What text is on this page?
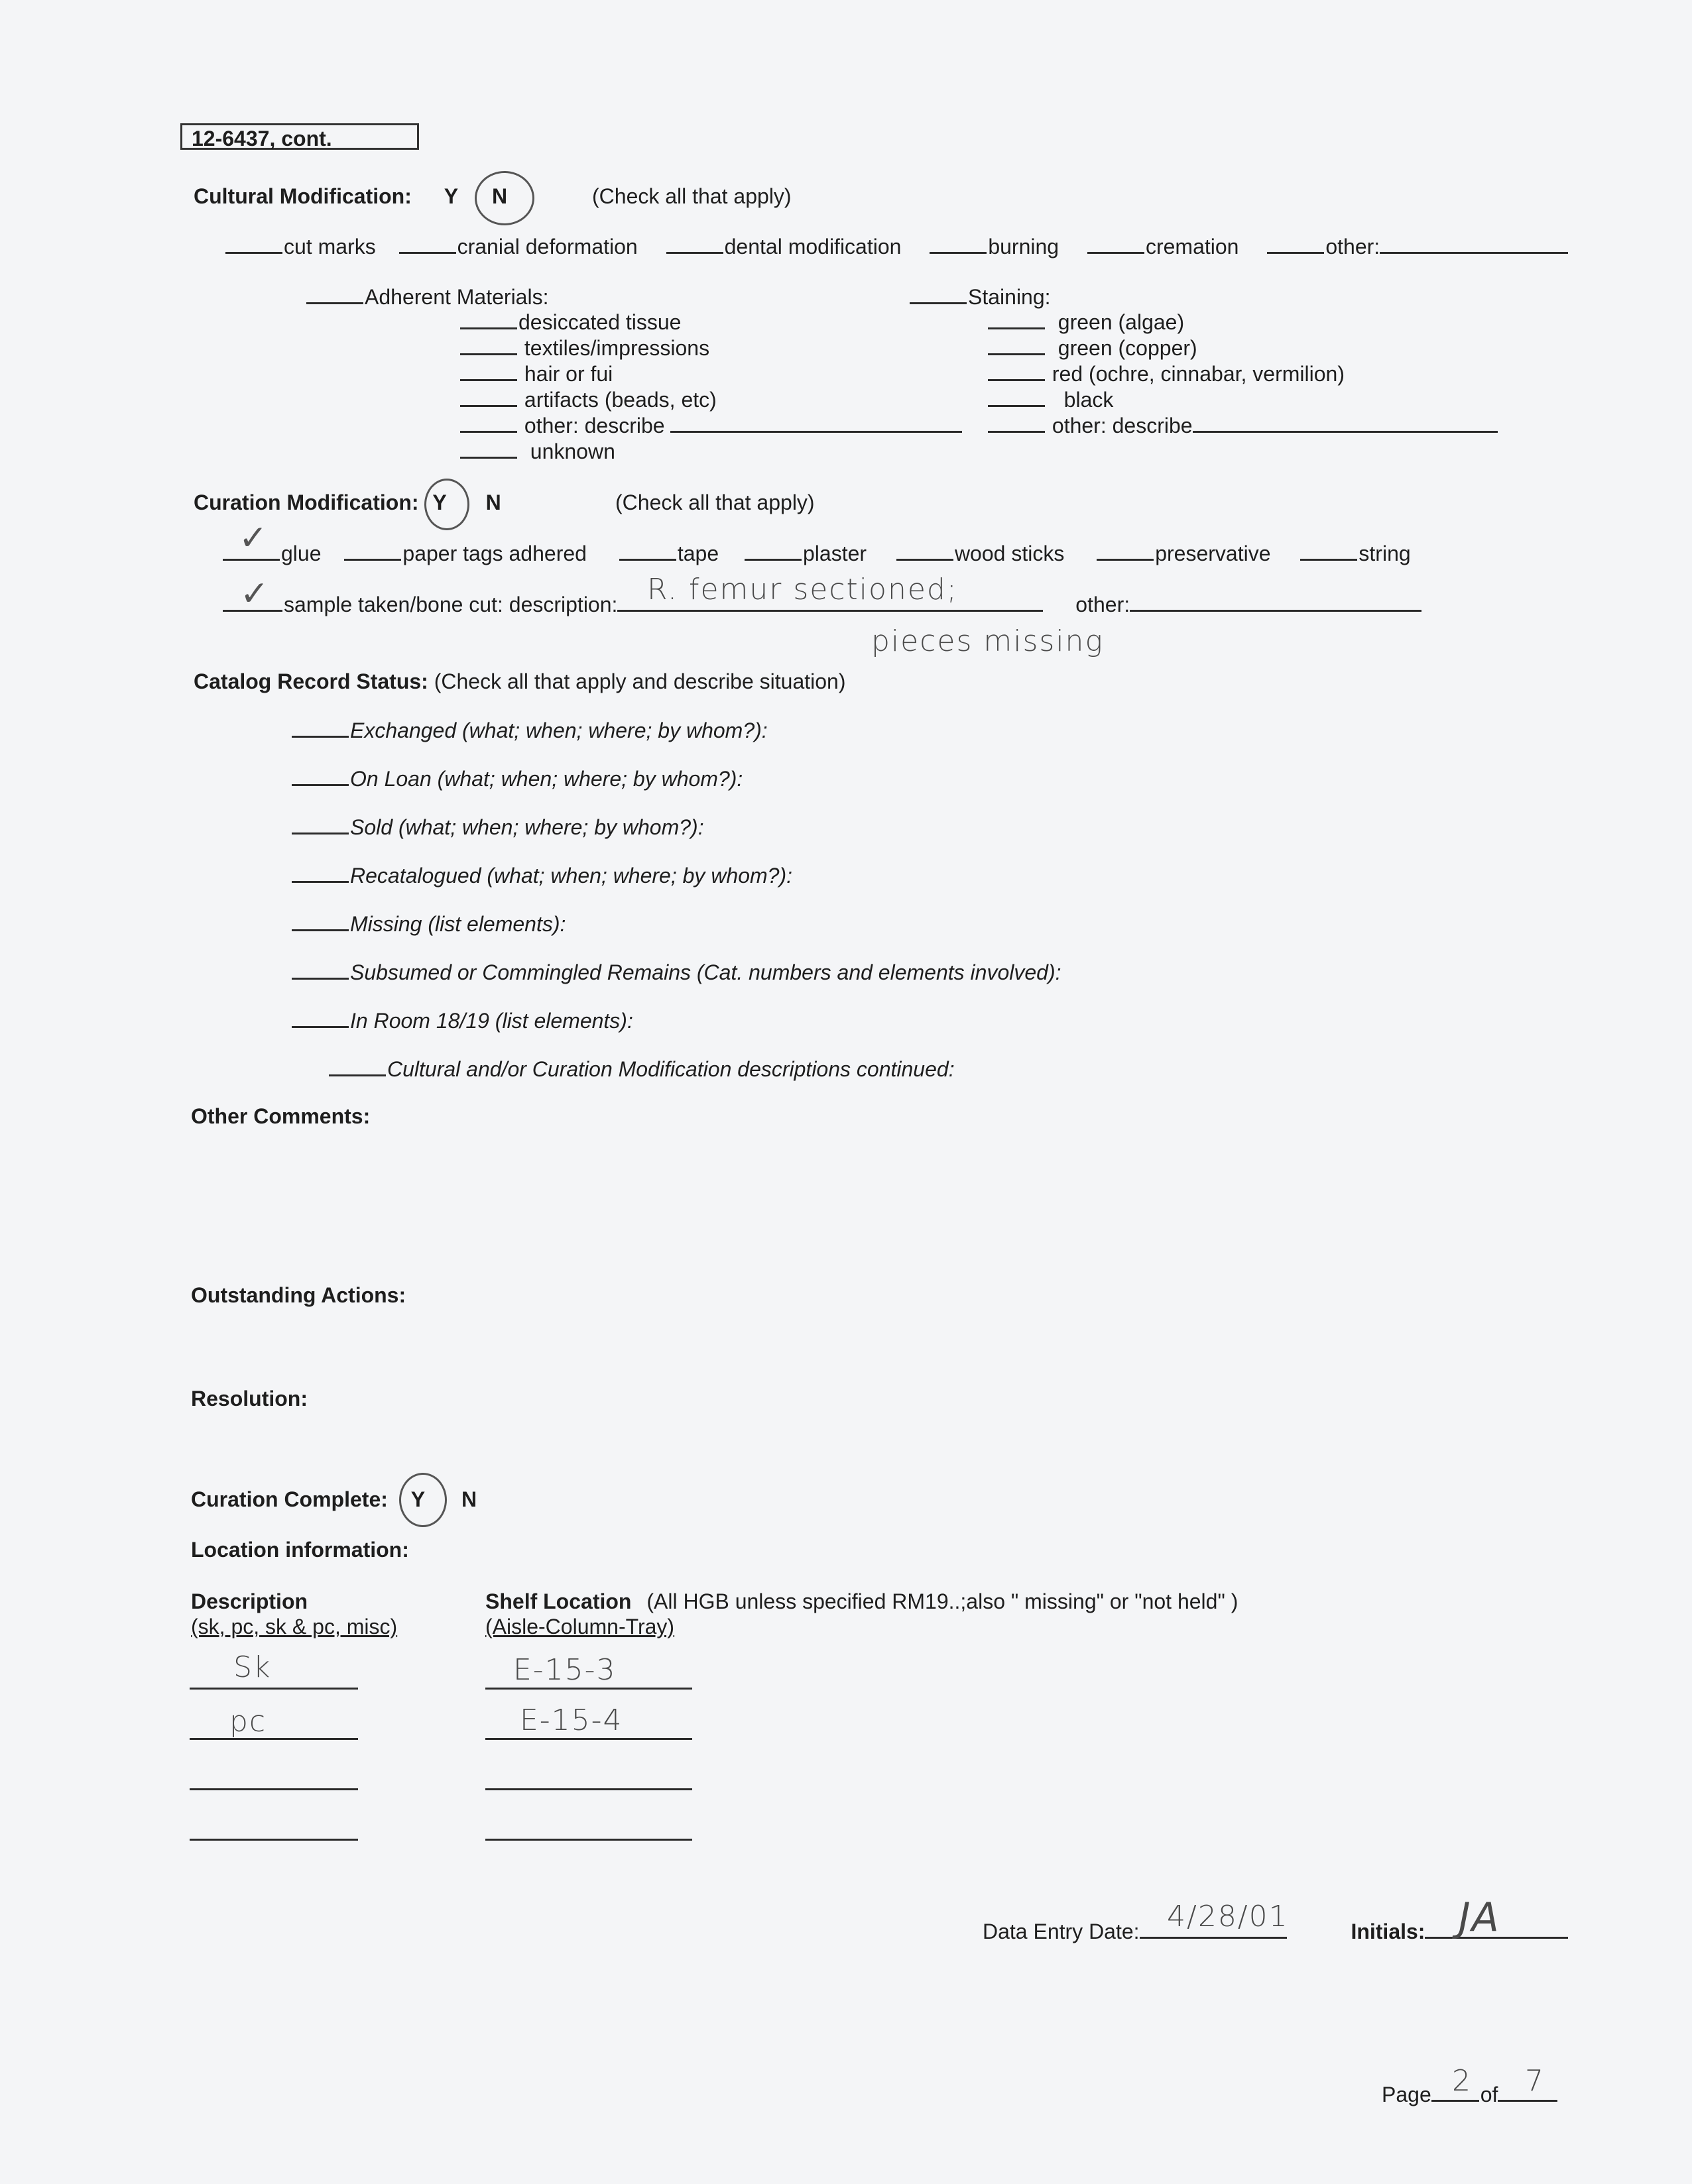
12-6437, cont.
Cultural Modification: Y N	(Check all that apply)
cut marks	cranial deformation	dental modification	burning	cremation	other:
Adherent Materials:
desiccated tissue
textiles/impressions
hair or fui
artifacts (beads, etc)
other: describe
unknown
Staining:
green (algae)
green (copper)
red (ochre, cinnabar, vermilion)
black
other: describe
Curation Modification: Y N	(Check all that apply)
glue	paper tags adhered	tape	plaster	wood sticks	preservative	string
✓
sample taken/bone cut: description:	other:
✓	R. femur sectioned;
pieces missing
Catalog Record Status: (Check all that apply and describe situation)
Exchanged (what; when; where; by whom?):
On Loan (what; when; where; by whom?):
Sold (what; when; where; by whom?):
Recatalogued (what; when; where; by whom?):
Missing (list elements):
Subsumed or Commingled Remains (Cat. numbers and elements involved):
In Room 18/19 (list elements):
Cultural and/or Curation Modification descriptions continued:
Other Comments:
Outstanding Actions:
Resolution:
Curation Complete: Y N
Location information:
Description
(sk, pc, sk & pc, misc)
Shelf Location (All HGB unless specified RM19..;also " missing" or "not held" )
(Aisle-Column-Tray)
Sk	E-15-3
pc	E-15-4
Data Entry Date:	Initials:
4/28/01	JA
Page of
2 7
